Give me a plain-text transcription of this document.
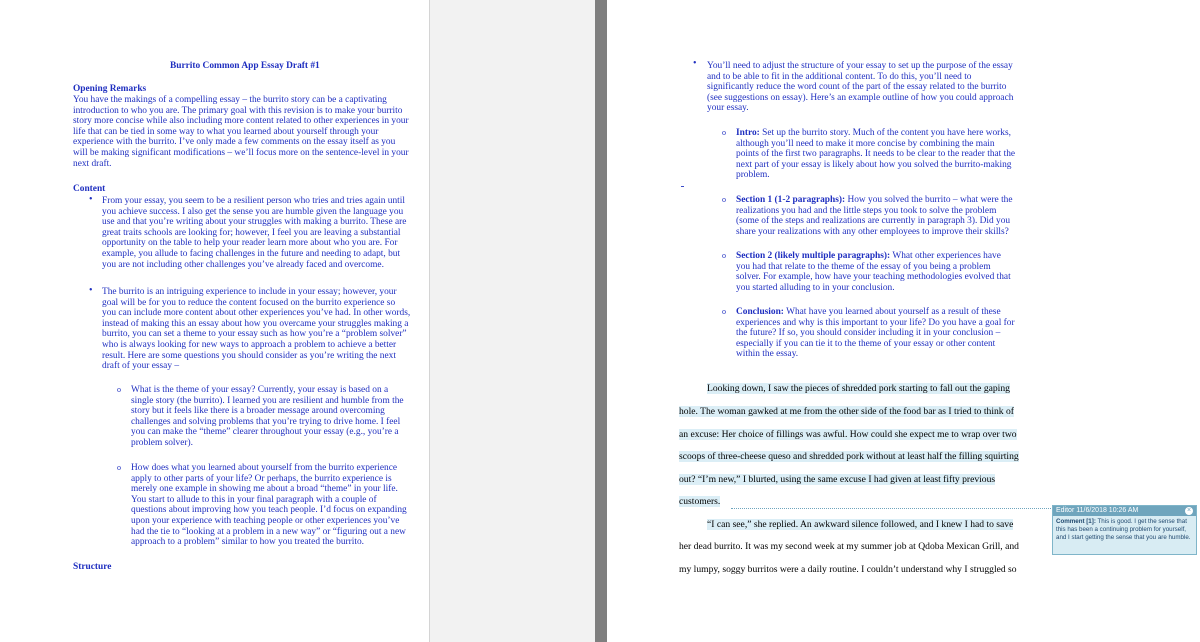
Burrito Common App Essay Draft #1
Opening Remarks
You have the makings of a compelling essay – the burrito story can be a captivating
introduction to who you are. The primary goal with this revision is to make your burrito
story more concise while also including more content related to other experiences in your
life that can be tied in some way to what you learned about yourself through your
experience with the burrito. I’ve only made a few comments on the essay itself as you
will be making significant modifications – we’ll focus more on the sentence-level in your
next draft.
Content
• From your essay, you seem to be a resilient person who tries and tries again until
you achieve success. I also get the sense you are humble given the language you
use and that you’re writing about your struggles with making a burrito. These are
great traits schools are looking for; however, I feel you are leaving a substantial
opportunity on the table to help your reader learn more about who you are. For
example, you allude to facing challenges in the future and needing to adapt, but
you are not including other challenges you’ve already faced and overcome.
• The burrito is an intriguing experience to include in your essay; however, your
goal will be for you to reduce the content focused on the burrito experience so
you can include more content about other experiences you’ve had. In other words,
instead of making this an essay about how you overcame your struggles making a
burrito, you can set a theme to your essay such as how you’re a “problem solver”
who is always looking for new ways to approach a problem to achieve a better
result. Here are some questions you should consider as you’re writing the next
draft of your essay –
o What is the theme of your essay? Currently, your essay is based on a
single story (the burrito). I learned you are resilient and humble from the
story but it feels like there is a broader message around overcoming
challenges and solving problems that you’re trying to drive home. I feel
you can make the “theme” clearer throughout your essay (e.g., you’re a
problem solver).
o How does what you learned about yourself from the burrito experience
apply to other parts of your life? Or perhaps, the burrito experience is
merely one example in showing me about a broad “theme” in your life.
You start to allude to this in your final paragraph with a couple of
questions about improving how you teach people. I’d focus on expanding
upon your experience with teaching people or other experiences you’ve
had the tie to “looking at a problem in a new way” or “figuring out a new
approach to a problem” similar to how you treated the burrito.
Structure
• You’ll need to adjust the structure of your essay to set up the purpose of the essay
and to be able to fit in the additional content. To do this, you’ll need to
significantly reduce the word count of the part of the essay related to the burrito
(see suggestions on essay). Here’s an example outline of how you could approach
your essay.
o Intro: Set up the burrito story. Much of the content you have here works,
although you’ll need to make it more concise by combining the main
points of the first two paragraphs. It needs to be clear to the reader that the
next part of your essay is likely about how you solved the burrito-making
problem.
o Section 1 (1-2 paragraphs): How you solved the burrito – what were the
realizations you had and the little steps you took to solve the problem
(some of the steps and realizations are currently in paragraph 3). Did you
share your realizations with any other employees to improve their skills?
o Section 2 (likely multiple paragraphs): What other experiences have
you had that relate to the theme of the essay of you being a problem
solver. For example, how have your teaching methodologies evolved that
you started alluding to in your conclusion.
o Conclusion: What have you learned about yourself as a result of these
experiences and why is this important to your life? Do you have a goal for
the future? If so, you should consider including it in your conclusion –
especially if you can tie it to the theme of your essay or other content
within the essay.
Looking down, I saw the pieces of shredded pork starting to fall out the gaping
hole. The woman gawked at me from the other side of the food bar as I tried to think of
an excuse: Her choice of fillings was awful. How could she expect me to wrap over two
scoops of three-cheese queso and shredded pork without at least half the filling squirting
out? “I’m new,” I blurted, using the same excuse I had given at least fifty previous
customers.
“I can see,” she replied. An awkward silence followed, and I knew I had to save
her dead burrito. It was my second week at my summer job at Qdoba Mexican Grill, and
my lumpy, soggy burritos were a daily routine. I couldn’t understand why I struggled so
Editor 11/6/2018 10:26 AM	×
Comment [1]: This is good. I get the sense that this has been a continuing problem for yourself, and I start getting the sense that you are humble.
